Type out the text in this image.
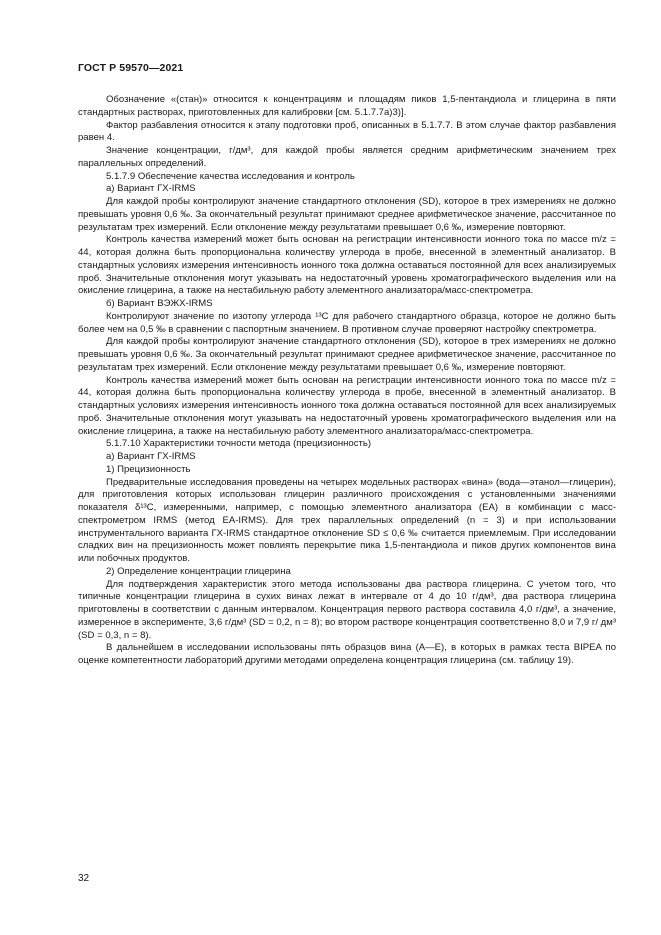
ГОСТ Р 59570—2021

Обозначение «(стан)» относится к концентрациям и площадям пиков 1,5-пентандиола и глицерина в пяти стандартных растворах, приготовленных для калибровки [см. 5.1.7.7а)3)].

Фактор разбавления относится к этапу подготовки проб, описанных в 5.1.7.7. В этом случае фактор разбавления равен 4.

Значение концентрации, г/дм³, для каждой пробы является средним арифметическим значением трех параллельных определений.

5.1.7.9 Обеспечение качества исследования и контроль

а) Вариант ГХ-IRMS

Для каждой пробы контролируют значение стандартного отклонения (SD), которое в трех измерениях не должно превышать уровня 0,6 ‰. За окончательный результат принимают среднее арифметическое значение, рассчитанное по результатам трех измерений. Если отклонение между результатами превышает 0,6 ‰, измерение повторяют.

Контроль качества измерений может быть основан на регистрации интенсивности ионного тока по массе m/z = 44, которая должна быть пропорциональна количеству углерода в пробе, внесенной в элементный анализатор. В стандартных условиях измерения интенсивность ионного тока должна оставаться постоянной для всех анализируемых проб. Значительные отклонения могут указывать на недостаточный уровень хроматографического выделения или на окисление глицерина, а также на нестабильную работу элементного анализатора/масс-спектрометра.

б) Вариант ВЭЖХ-IRMS

Контролируют значение по изотопу углерода ¹³C для рабочего стандартного образца, которое не должно быть более чем на 0,5 ‰ в сравнении с паспортным значением. В противном случае проверяют настройку спектрометра.

Для каждой пробы контролируют значение стандартного отклонения (SD), которое в трех измерениях не должно превышать уровня 0,6 ‰. За окончательный результат принимают среднее арифметическое значение, рассчитанное по результатам трех измерений. Если отклонение между результатами превышает 0,6 ‰, измерение повторяют.

Контроль качества измерений может быть основан на регистрации интенсивности ионного тока по массе m/z = 44, которая должна быть пропорциональна количеству углерода в пробе, внесенной в элементный анализатор. В стандартных условиях измерения интенсивность ионного тока должна оставаться постоянной для всех анализируемых проб. Значительные отклонения могут указывать на недостаточный уровень хроматографического выделения или на окисление глицерина, а также на нестабильную работу элементного анализатора/масс-спектрометра.

5.1.7.10 Характеристики точности метода (прецизионность)

а) Вариант ГХ-IRMS

1) Прецизионность

Предварительные исследования проведены на четырех модельных растворах «вина» (вода—этанол—глицерин), для приготовления которых использован глицерин различного происхождения с установленными значениями показателя δ¹³C, измеренными, например, с помощью элементного анализатора (EA) в комбинации с масс-спектрометром IRMS (метод EA-IRMS). Для трех параллельных определений (n = 3) и при использовании инструментального варианта ГХ-IRMS стандартное отклонение SD ≤ 0,6 ‰ считается приемлемым. При исследовании сладких вин на прецизионность может повлиять перекрытие пика 1,5-пентандиола и пиков других компонентов вина или побочных продуктов.

2) Определение концентрации глицерина

Для подтверждения характеристик этого метода использованы два раствора глицерина. С учетом того, что типичные концентрации глицерина в сухих винах лежат в интервале от 4 до 10 г/дм³, два раствора глицерина приготовлены в соответствии с данным интервалом. Концентрация первого раствора составила 4,0 г/дм³, а значение, измеренное в эксперименте, 3,6 г/дм³ (SD = 0,2, n = 8); во втором растворе концентрация соответственно 8,0 и 7,9 г/ дм³ (SD = 0,3, n = 8).

В дальнейшем в исследовании использованы пять образцов вина (А—Е), в которых в рамках теста BIPEA по оценке компетентности лабораторий другими методами определена концентрация глицерина (см. таблицу 19).

32
